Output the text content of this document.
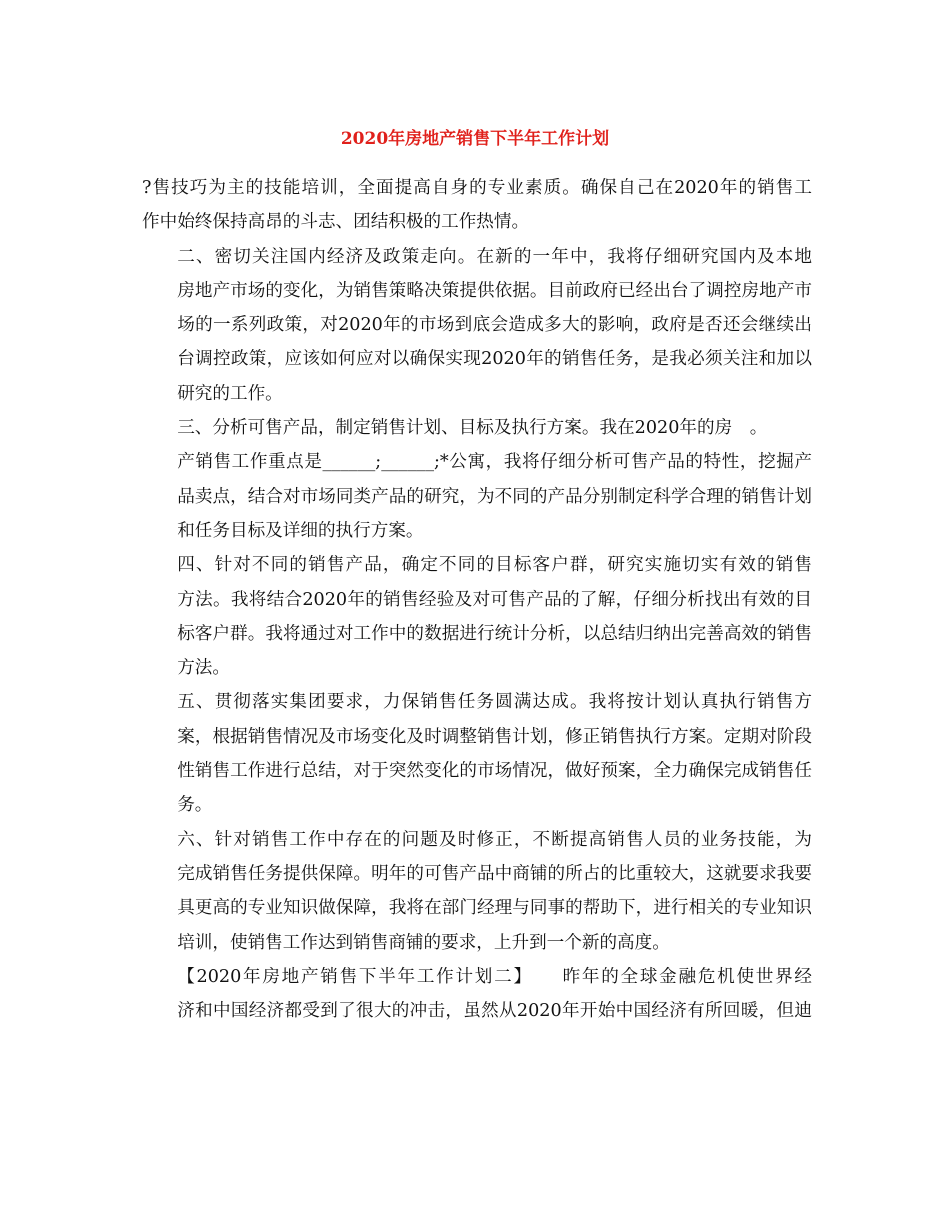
2020年房地产销售下半年工作计划

?售技巧为主的技能培训，全面提高自身的专业素质。确保自己在2020年的销售工
作中始终保持高昂的斗志、团结积极的工作热情。

二、密切关注国内经济及政策走向。在新的一年中，我将仔细研究国内及本地
房地产市场的变化，为销售策略决策提供依据。目前政府已经出台了调控房地产市
场的一系列政策，对2020年的市场到底会造成多大的影响，政府是否还会继续出
台调控政策，应该如何应对以确保实现2020年的销售任务，是我必须关注和加以
研究的工作。

三、分析可售产品，制定销售计划、目标及执行方案。我在2020年的房　。
产销售工作重点是______;______;*公寓，我将仔细分析可售产品的特性，挖掘产
品卖点，结合对市场同类产品的研究，为不同的产品分别制定科学合理的销售计划
和任务目标及详细的执行方案。

四、针对不同的销售产品，确定不同的目标客户群，研究实施切实有效的销售
方法。我将结合2020年的销售经验及对可售产品的了解，仔细分析找出有效的目
标客户群。我将通过对工作中的数据进行统计分析，以总结归纳出完善高效的销售
方法。

五、贯彻落实集团要求，力保销售任务圆满达成。我将按计划认真执行销售方
案，根据销售情况及市场变化及时调整销售计划，修正销售执行方案。定期对阶段
性销售工作进行总结，对于突然变化的市场情况，做好预案，全力确保完成销售任
务。

六、针对销售工作中存在的问题及时修正，不断提高销售人员的业务技能，为
完成销售任务提供保障。明年的可售产品中商铺的所占的比重较大，这就要求我要
具更高的专业知识做保障，我将在部门经理与同事的帮助下，进行相关的专业知识
培训，使销售工作达到销售商铺的要求，上升到一个新的高度。

【2020年房地产销售下半年工作计划二】　　昨年的全球金融危机使世界经
济和中国经济都受到了很大的冲击，虽然从2020年开始中国经济有所回暖，但迪
